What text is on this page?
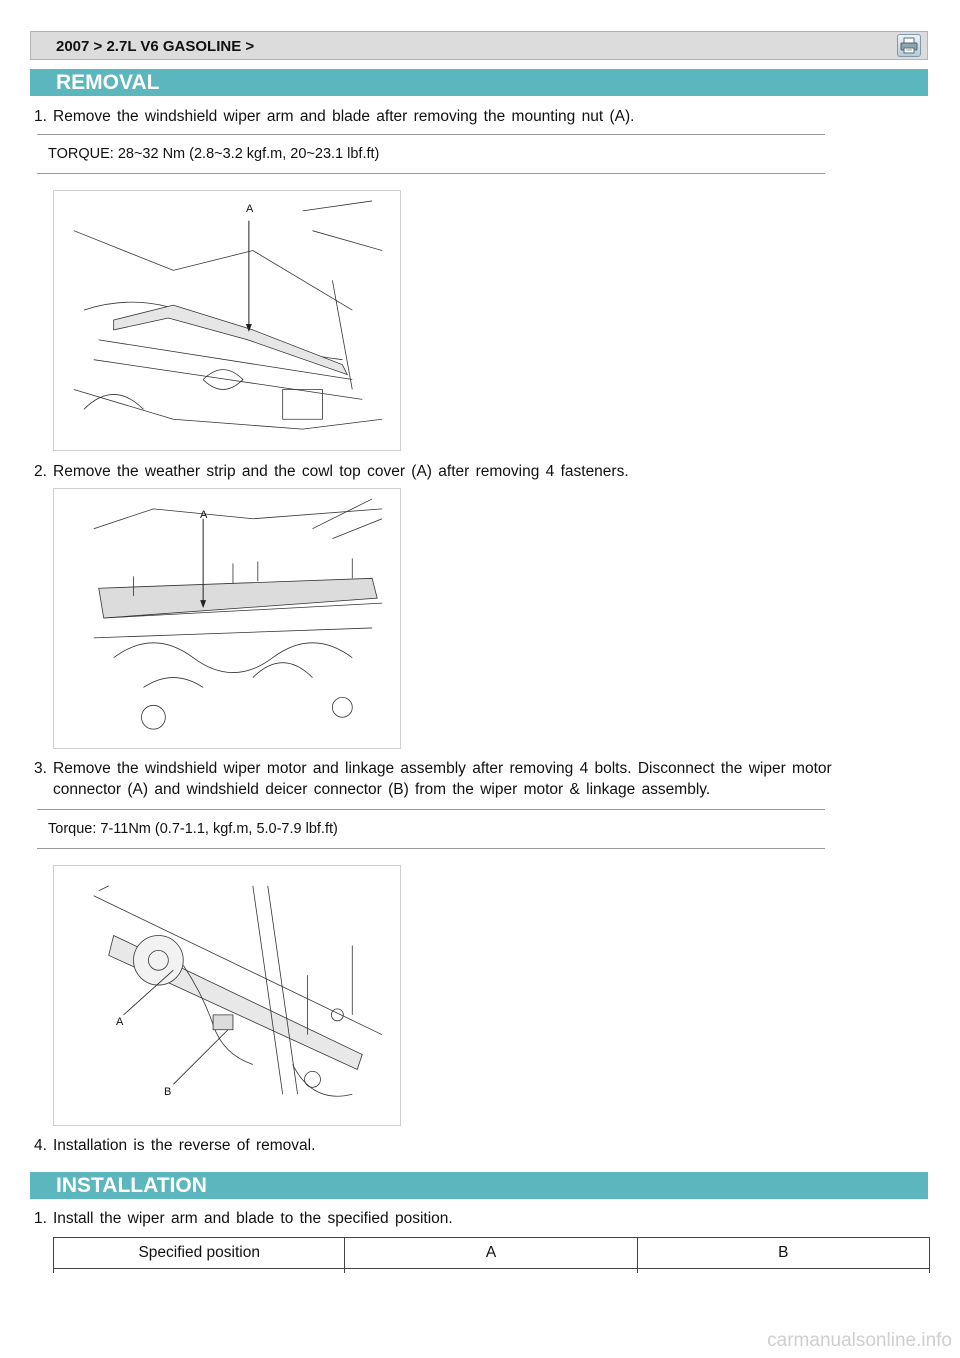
2007 > 2.7L V6 GASOLINE >
REMOVAL
1. Remove the windshield wiper arm and blade after removing the mounting nut (A).
TORQUE: 28~32 Nm (2.8~3.2 kgf.m, 20~23.1 lbf.ft)
A
2. Remove the weather strip and the cowl top cover (A) after removing 4 fasteners.
A
3. Remove the windshield wiper motor and linkage assembly after removing 4 bolts. Disconnect the wiper motor
connector (A) and windshield deicer connector (B) from the wiper motor & linkage assembly.
Torque: 7-11Nm (0.7-1.1, kgf.m, 5.0-7.9 lbf.ft)
A
B
4. Installation is the reverse of removal.
INSTALLATION
1. Install the wiper arm and blade to the specified position.
Specified position	A	B

carmanualsonline.info
